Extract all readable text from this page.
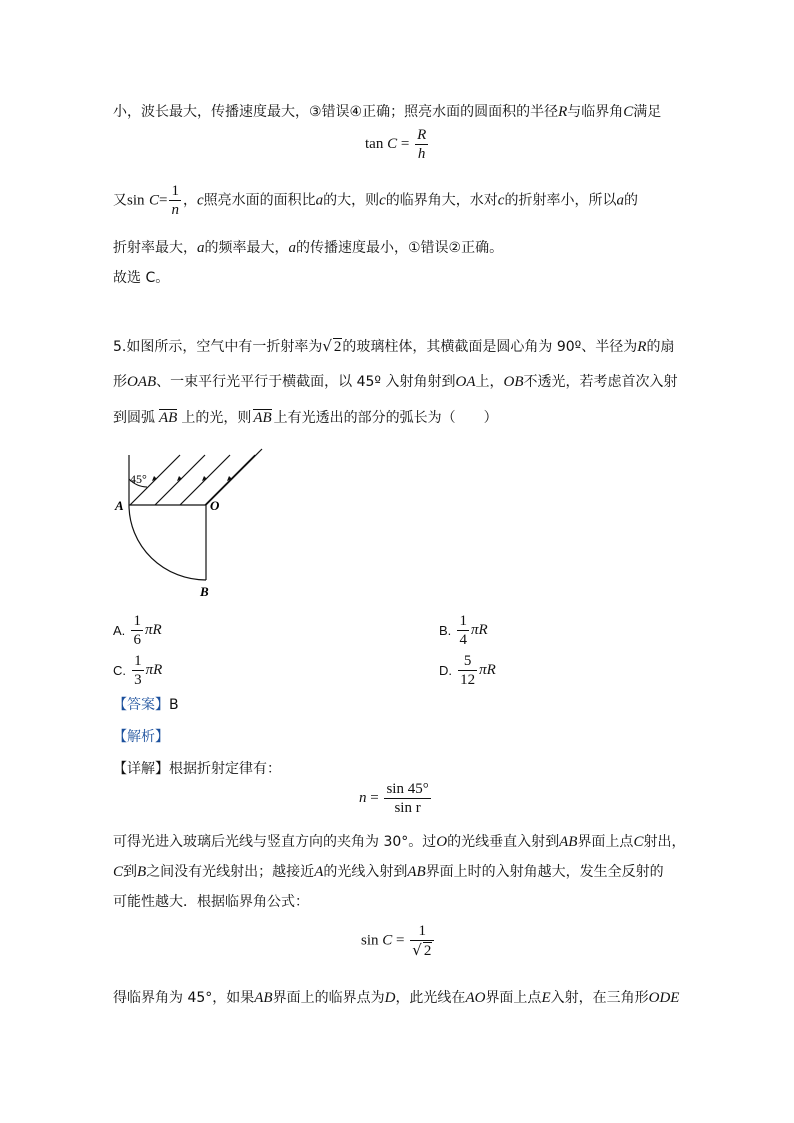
小，波长最大，传播速度最大，③错误④正确；照亮水面的圆面积的半径R与临界角C满足
$\tan C = \frac{R}{h}$
又$\sin C= \frac{1}{n}$ ，c照亮水面的面积比a的大，则c的临界角大，水对c的折射率小，所以a的
折射率最大，a的频率最大，a的传播速度最小，①错误②正确。
故选 C。
5.如图所示，空气中有一折射率为√ 2的玻璃柱体，其横截面是圆心角为 90º、半径为R的扇
形OAB、一束平行光平行于横截面，以 45º 入射角射到OA上，OB不透光，若考虑首次入射
到圆弧 AB 上的光，则 AB 上有光透出的部分的弧长为（　　）
45°
A	O
B
A. $\frac{1}{6}$ πR	B. $\frac{1}{4}$ πR
C. $\frac{1}{3}$ πR	D. $\frac{5}{12}$ πR
【答案】B
【解析】
【详解】根据折射定律有：
$n = \frac{\sin 45^\circ}{\text{sin r}}$
可得光进入玻璃后光线与竖直方向的夹角为 30°。过O的光线垂直入射到AB界面上点C射出，
C到B之间没有光线射出；越接近A的光线入射到AB界面上时的入射角越大，发生全反射的
可能性越大．根据临界角公式：
$\sin C = \frac{1}{√ 2}$
得临界角为 45°，如果AB界面上的临界点为D，此光线在AO界面上点E入射，在三角形ODE
